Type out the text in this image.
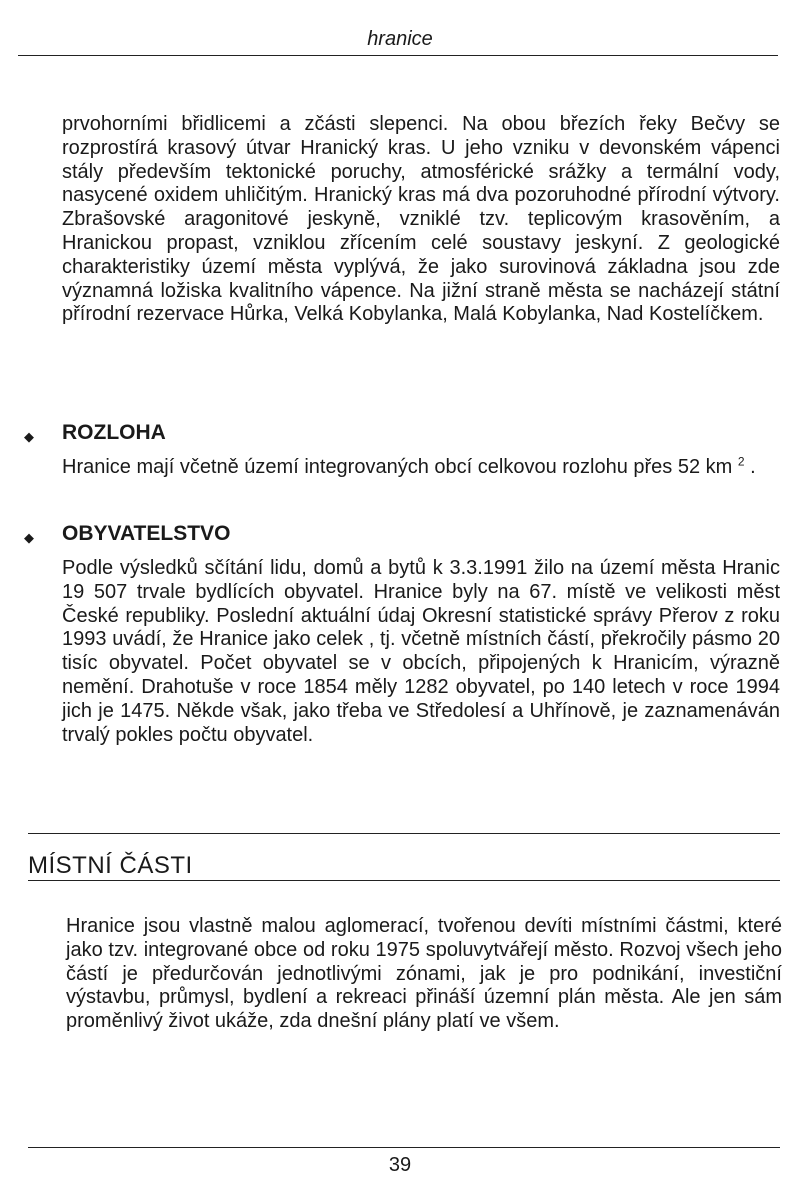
hranice
prvohorními břidlicemi a zčásti slepenci. Na obou březích řeky Bečvy se rozprostírá krasový útvar Hranický kras. U jeho vzniku v devonském vápenci stály především tektonické poruchy, atmosférické srážky a termální vody, nasycené oxidem uhličitým. Hranický kras má dva pozoruhodné přírodní výtvory. Zbrašovské aragonitové jeskyně, vzniklé tzv. teplicovým krasověním, a Hranickou propast, vzniklou zřícením celé soustavy jeskyní. Z geologické charakteristiky území města vyplývá, že jako surovinová základna jsou zde významná ložiska kvalitního vápence. Na jižní straně města se nacházejí státní přírodní rezervace Hůrka, Velká Kobylanka, Malá Kobylanka, Nad Kostelíčkem.
◆ ROZLOHA
Hranice mají včetně území integrovaných obcí celkovou rozlohu přes 52 km $^2$ .
◆ OBYVATELSTVO
Podle výsledků sčítání lidu, domů a bytů k 3.3.1991 žilo na území města Hranic 19 507 trvale bydlících obyvatel. Hranice byly na 67. místě ve velikosti měst České republiky. Poslední aktuální údaj Okresní statistické správy Přerov z roku 1993 uvádí, že Hranice jako celek , tj. včetně místních částí, překročily pásmo 20 tisíc obyvatel. Počet obyvatel se v obcích, připojených k Hranicím, výrazně nemění. Drahotuše v roce 1854 měly 1282 obyvatel, po 140 letech v roce 1994 jich je 1475. Někde však, jako třeba ve Středolesí a Uhřínově, je zaznamenáván trvalý pokles počtu obyvatel.
MÍSTNÍ ČÁSTI
Hranice jsou vlastně malou aglomerací, tvořenou devíti místními částmi, které jako tzv. integrované obce od roku 1975 spoluvytvářejí město. Rozvoj všech jeho částí je předurčován jednotlivými zónami, jak je pro podnikání, investiční výstavbu, průmysl, bydlení a rekreaci přináší územní plán města. Ale jen sám proměnlivý život ukáže, zda dnešní plány platí ve všem.
39
